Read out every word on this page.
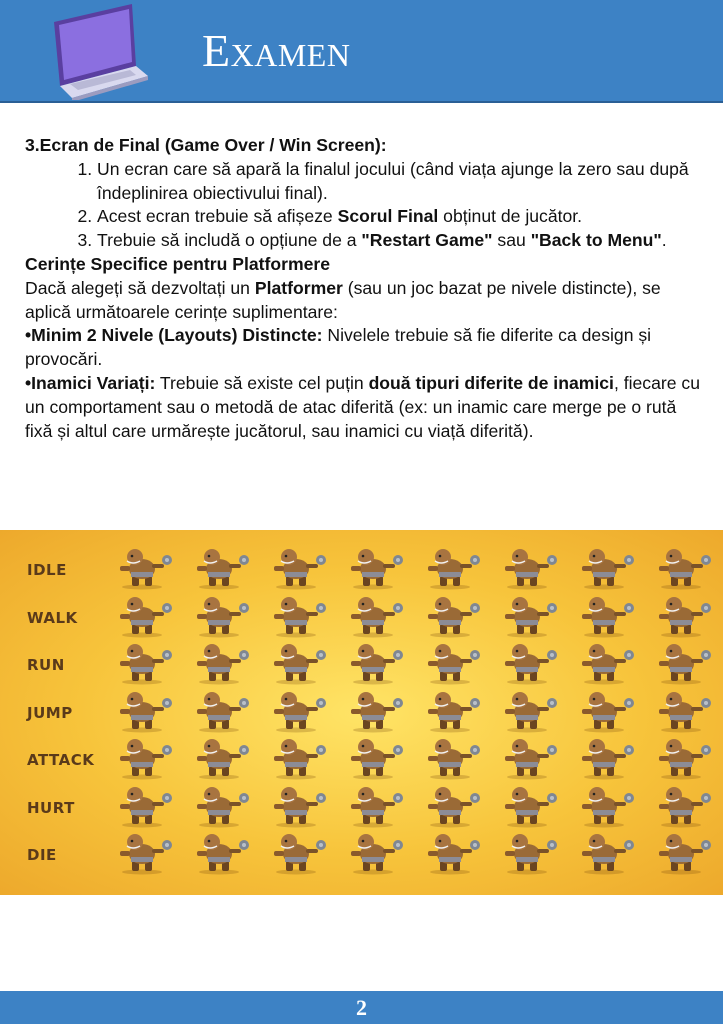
Examen

3.Ecran de Final (Game Over / Win Screen):

1. Un ecran care să apară la finalul jocului (când viața ajunge la zero sau după îndeplinirea obiectivului final).
2. Acest ecran trebuie să afișeze Scorul Final obținut de jucător.
3. Trebuie să includă o opțiune de a "Restart Game" sau "Back to Menu".

Cerințe Specifice pentru Platformere

Dacă alegeți să dezvoltați un Platformer (sau un joc bazat pe nivele distincte), se aplică următoarele cerințe suplimentare:

•Minim 2 Nivele (Layouts) Distincte: Nivelele trebuie să fie diferite ca design și provocări.

•Inamici Variați: Trebuie să existe cel puțin două tipuri diferite de inamici, fiecare cu un comportament sau o metodă de atac diferită (ex: un inamic care merge pe o rută fixă și altul care urmărește jucătorul, sau inamici cu viață diferită).

IDLE
WALK
RUN
JUMP
ATTACK
HURT
DIE
2
